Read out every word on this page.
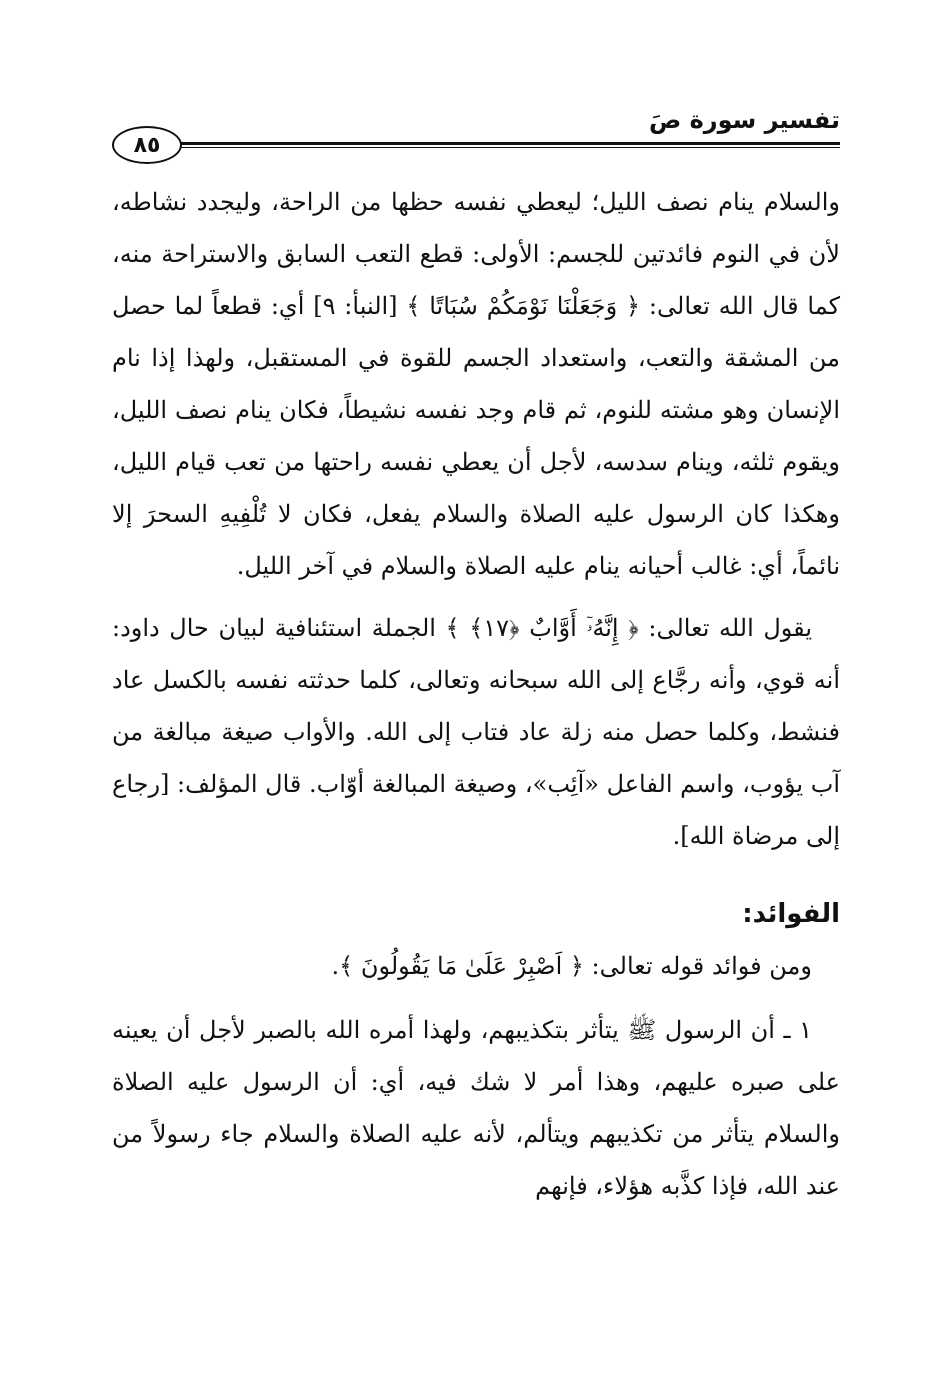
تفسير سورة صَ
٨٥

والسلام ينام نصف الليل؛ ليعطي نفسه حظها من الراحة، وليجدد نشاطه، لأن في النوم فائدتين للجسم: الأولى: قطع التعب السابق والاستراحة منه، كما قال الله تعالى: ﴿ وَجَعَلْنَا نَوْمَكُمْ سُبَاتًا ﴾ [النبأ: ٩] أي: قطعاً لما حصل من المشقة والتعب، واستعداد الجسم للقوة في المستقبل، ولهذا إذا نام الإنسان وهو مشته للنوم، ثم قام وجد نفسه نشيطاً، فكان ينام نصف الليل، ويقوم ثلثه، وينام سدسه، لأجل أن يعطي نفسه راحتها من تعب قيام الليل، وهكذا كان الرسول عليه الصلاة والسلام يفعل، فكان لا تُلْفِيهِ السحرَ إلا نائماً، أي: غالب أحيانه ينام عليه الصلاة والسلام في آخر الليل.

يقول الله تعالى: ﴿ إِنَّهُۥٓ أَوَّابٌ ﴿١٧﴾ ﴾ الجملة استئنافية لبيان حال داود: أنه قوي، وأنه رجَّاع إلى الله سبحانه وتعالى، كلما حدثته نفسه بالكسل عاد فنشط، وكلما حصل منه زلة عاد فتاب إلى الله. والأواب صيغة مبالغة من آب يؤوب، واسم الفاعل «آئِب»، وصيغة المبالغة أوّاب. قال المؤلف: [رجاع إلى مرضاة الله].

الفوائد:

ومن فوائد قوله تعالى: ﴿ اَصْبِرْ عَلَىٰ مَا يَقُولُونَ ﴾.

١ ـ أن الرسول ﷺ يتأثر بتكذيبهم، ولهذا أمره الله بالصبر لأجل أن يعينه على صبره عليهم، وهذا أمر لا شك فيه، أي: أن الرسول عليه الصلاة والسلام يتأثر من تكذيبهم ويتألم، لأنه عليه الصلاة والسلام جاء رسولاً من عند الله، فإذا كذَّبه هؤلاء، فإنهم
